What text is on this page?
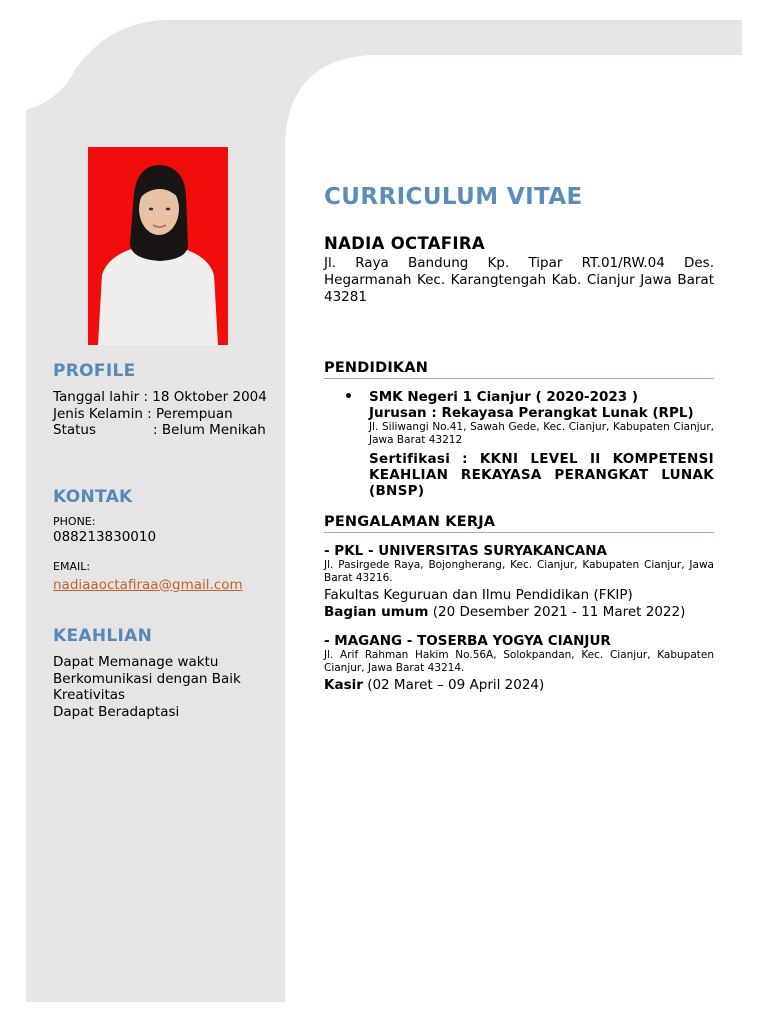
PROFILE
Tanggal lahir : 18 Oktober 2004
Jenis Kelamin : Perempuan
Status	: Belum Menikah
KONTAK
PHONE:
088213830010
EMAIL:
nadiaaoctafiraa@gmail.com
KEAHLIAN
Dapat Memanage waktu
Berkomunikasi dengan Baik
Kreativitas
Dapat Beradaptasi
CURRICULUM VITAE
NADIA OCTAFIRA
Jl. Raya Bandung Kp. Tipar RT.01/RW.04 Des. Hegarmanah Kec. Karangtengah Kab. Cianjur Jawa Barat 43281
PENDIDIKAN
• SMK Negeri 1 Cianjur ( 2020-2023 )
Jurusan : Rekayasa Perangkat Lunak (RPL)
Jl. Siliwangi No.41, Sawah Gede, Kec. Cianjur, Kabupaten Cianjur, Jawa Barat 43212
Sertifikasi : KKNI LEVEL II KOMPETENSI KEAHLIAN REKAYASA PERANGKAT LUNAK (BNSP)
PENGALAMAN KERJA
- PKL - UNIVERSITAS SURYAKANCANA
Jl. Pasirgede Raya, Bojongherang, Kec. Cianjur, Kabupaten Cianjur, Jawa Barat 43216.
Fakultas Keguruan dan Ilmu Pendidikan (FKIP)
Bagian umum (20 Desember 2021 - 11 Maret 2022)
- MAGANG - TOSERBA YOGYA CIANJUR
Jl. Arif Rahman Hakim No.56A, Solokpandan, Kec. Cianjur, Kabupaten Cianjur, Jawa Barat 43214.
Kasir (02 Maret – 09 April 2024)
